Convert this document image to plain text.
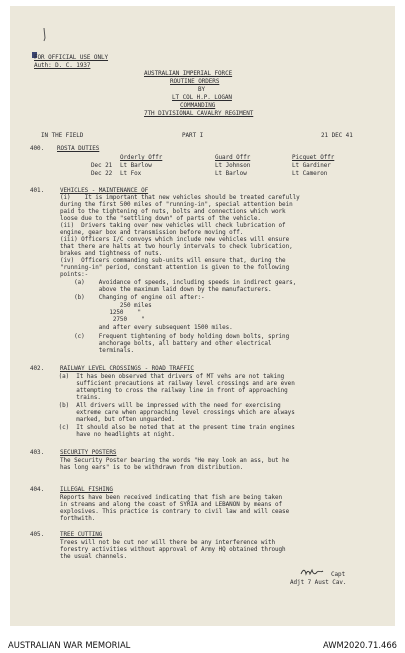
FOR OFFICIAL USE ONLY
Auth: D. C. 1937
AUSTRALIAN IMPERIAL FORCE
ROUTINE ORDERS
BY
LT COL H.P. LOGAN
COMMANDING
7TH DIVISIONAL CAVALRY REGIMENT
IN THE FIELD	PART I	21 DEC 41
400. ROSTA DUTIES
Orderly Offr	Guard Offr	Picquet Offr
Dec 21 Lt Barlow	Lt Johnson	Lt Gardiner
Dec 22 Lt Fox	Lt Barlow	Lt Cameron
401.	VEHICLES - MAINTENANCE OF
(i)    It is important that new vehicles should be treated carefully
during the first 500 miles of "running-in", special attention bein
paid to the tightening of nuts, bolts and connections which work
loose due to the "settling down" of parts of the vehicle.
(ii)  Drivers taking over new vehicles will check lubrication of
engine, gear box and transmission before moving off.
(iii) Officers I/C convoys which include new vehicles will ensure
that there are halts at two hourly intervals to check lubrication,
brakes and tightness of nuts.
(iv)  Officers commanding sub-units will ensure that, during the
"running-in" period, constant attention is given to the following
points:-
(a)    Avoidance of speeds, including speeds in indirect gears,
above the maximum laid down by the manufacturers.
(b)    Changing of engine oil after:-
250 miles
1250    "
2750    "
and after every subsequent 1500 miles.
(c)    Frequent tightening of body holding down bolts, spring
anchorage bolts, all battery and other electrical
terminals.
402.	RAILWAY LEVEL CROSSINGS - ROAD TRAFFIC
(a)  It has been observed that drivers of MT vehs are not taking
sufficient precautions at railway level crossings and are even
attempting to cross the railway line in front of approaching
trains.
(b)  All drivers will be impressed with the need for exercising
extreme care when approaching level crossings which are always
marked, but often unguarded.
(c)  It should also be noted that at the present time train engines
have no headlights at night.
403.	SECURITY POSTERS
The Security Poster bearing the words "He may look an ass, but he
has long ears" is to be withdrawn from distribution.
404.	ILLEGAL FISHING
Reports have been received indicating that fish are being taken
in streams and along the coast of SYRIA and LEBANON by means of
explosives. This practice is contrary to civil law and will cease
forthwith.
405.	TREE CUTTING
Trees will not be cut nor will there be any interference with
forestry activities without approval of Army HQ obtained through
the usual channels.
Capt
Adjt 7 Aust Cav.
AUSTRALIAN WAR MEMORIAL	AWM2020.71.466
